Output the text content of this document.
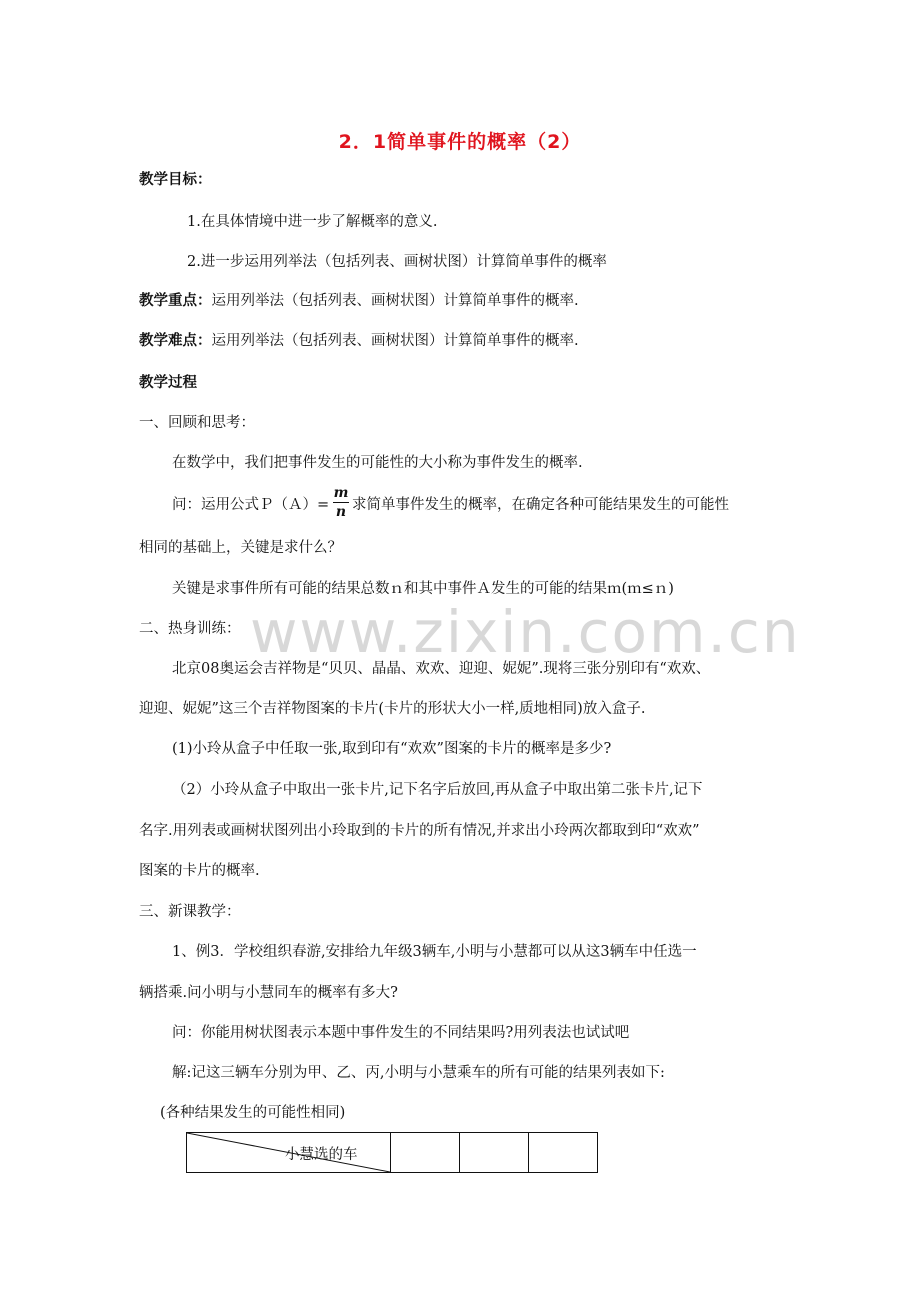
www.zixin.com.cn
2．1简单事件的概率（2）
教学目标：
1.在具体情境中进一步了解概率的意义.
2.进一步运用列举法（包括列表、画树状图）计算简单事件的概率
教学重点：运用列举法（包括列表、画树状图）计算简单事件的概率.
教学难点：运用列举法（包括列表、画树状图）计算简单事件的概率.
教学过程
一、回顾和思考：
在数学中，我们把事件发生的可能性的大小称为事件发生的概率.
问：运用公式Ｐ（Ａ）=
m
n 求简单事件发生的概率，在确定各种可能结果发生的可能性
相同的基础上，关键是求什么？
关键是求事件所有可能的结果总数ｎ和其中事件Ａ发生的可能的结果ｍ(ｍ≤ｎ)
二、热身训练：
北京08奥运会吉祥物是“贝贝、晶晶、欢欢、迎迎、妮妮”.现将三张分别印有“欢欢、
迎迎、妮妮”这三个吉祥物图案的卡片(卡片的形状大小一样,质地相同)放入盒子.
(1)小玲从盒子中任取一张,取到印有“欢欢”图案的卡片的概率是多少?
（2）小玲从盒子中取出一张卡片,记下名字后放回,再从盒子中取出第二张卡片,记下
名字.用列表或画树状图列出小玲取到的卡片的所有情况,并求出小玲两次都取到印“欢欢”
图案的卡片的概率.
三、新课教学：
1、例3．学校组织春游,安排给九年级3辆车,小明与小慧都可以从这3辆车中任选一
辆搭乘.问小明与小慧同车的概率有多大?
问：你能用树状图表示本题中事件发生的不同结果吗?用列表法也试试吧
解:记这三辆车分别为甲、乙、丙,小明与小慧乘车的所有可能的结果列表如下:
(各种结果发生的可能性相同)
小慧选的车
